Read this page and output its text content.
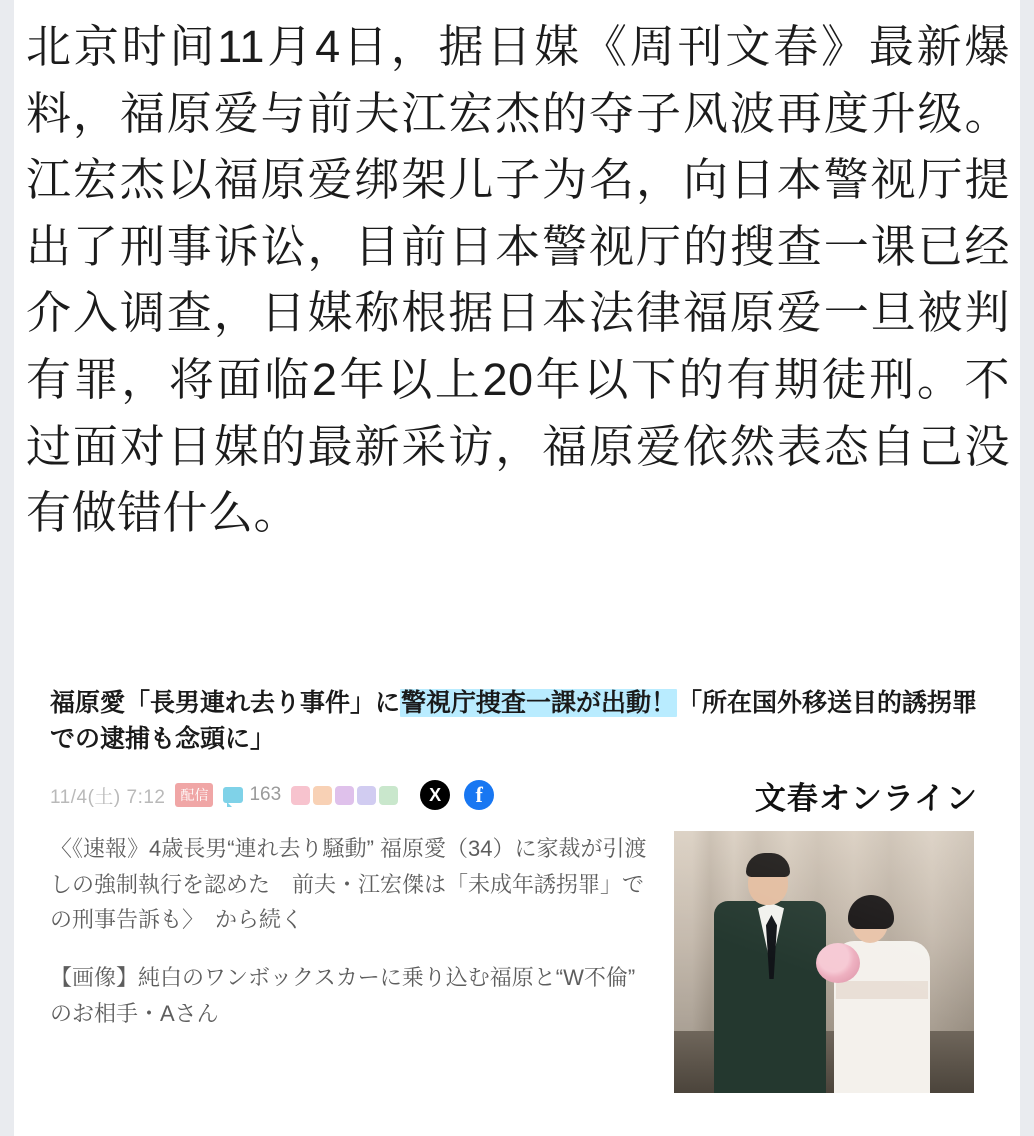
北京时间11月4日，据日媒《周刊文春》最新爆料，福原爱与前夫江宏杰的夺子风波再度升级。江宏杰以福原爱绑架儿子为名，向日本警视厅提出了刑事诉讼，目前日本警视厅的搜查一课已经介入调查，日媒称根据日本法律福原爱一旦被判有罪，将面临2年以上20年以下的有期徒刑。不过面对日媒的最新采访，福原爱依然表态自己没有做错什么。
福原愛「長男連れ去り事件」に警視庁捜査一課が出動！「所在国外移送目的誘拐罪での逮捕も念頭に」
11/4(土) 7:12	配信 163	X	f	文春オンライン

〈《速報》4歳長男“連れ去り騒動” 福原愛（34）に家裁が引渡しの強制執行を認めた　前夫・江宏傑は「未成年誘拐罪」での刑事告訴も〉　から続く

【画像】純白のワンボックスカーに乗り込む福原と“W不倫”のお相手・Aさん
